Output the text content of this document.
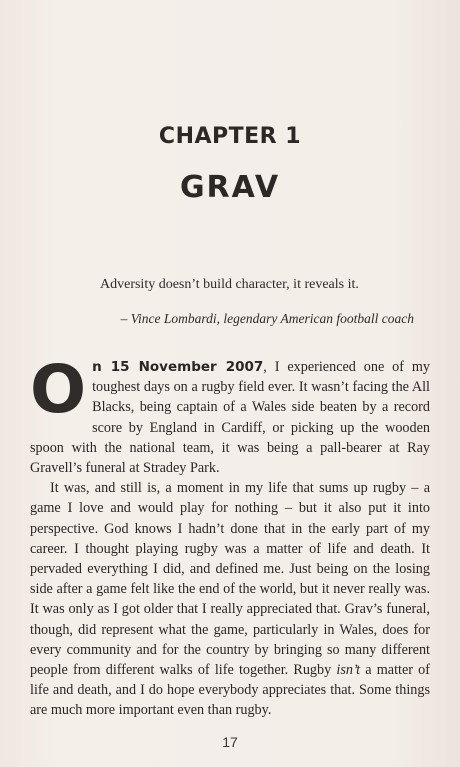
CHAPTER 1
GRAV
Adversity doesn’t build character, it reveals it.
– Vince Lombardi, legendary American football coach

On 15 November 2007, I experienced one of my toughest days on a rugby field ever. It wasn’t facing the All Blacks, being captain of a Wales side beaten by a record score by England in Cardiff, or picking up the wooden spoon with the national team, it was being a pall-bearer at Ray Gravell’s funeral at Stradey Park.

It was, and still is, a moment in my life that sums up rugby – a game I love and would play for nothing – but it also put it into perspective. God knows I hadn’t done that in the early part of my career. I thought playing rugby was a matter of life and death. It pervaded everything I did, and defined me. Just being on the losing side after a game felt like the end of the world, but it never really was. It was only as I got older that I really appreciated that. Grav’s funeral, though, did represent what the game, particularly in Wales, does for every community and for the country by bringing so many different people from different walks of life together. Rugby isn’t a matter of life and death, and I do hope everybody appreciates that. Some things are much more important even than rugby.

17
